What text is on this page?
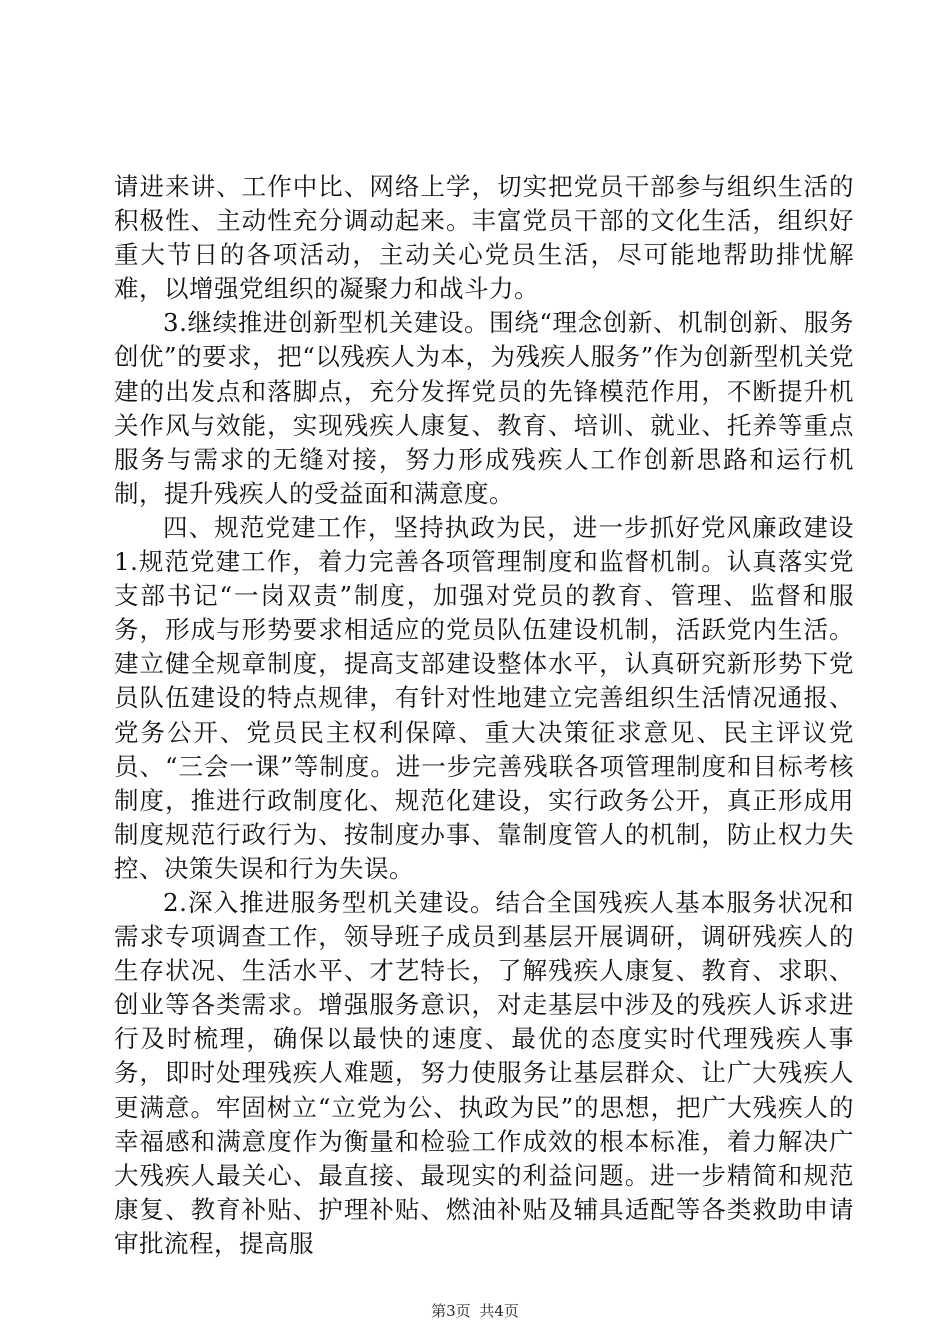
请进来讲、工作中比、网络上学，切实把党员干部参与组织生活的积极性、主动性充分调动起来。丰富党员干部的文化生活，组织好重大节日的各项活动，主动关心党员生活，尽可能地帮助排忧解难，以增强党组织的凝聚力和战斗力。

3.继续推进创新型机关建设。围绕“理念创新、机制创新、服务创优”的要求，把“以残疾人为本，为残疾人服务”作为创新型机关党建的出发点和落脚点，充分发挥党员的先锋模范作用，不断提升机关作风与效能，实现残疾人康复、教育、培训、就业、托养等重点服务与需求的无缝对接，努力形成残疾人工作创新思路和运行机制，提升残疾人的受益面和满意度。

四、规范党建工作，坚持执政为民，进一步抓好党风廉政建设1.规范党建工作，着力完善各项管理制度和监督机制。认真落实党支部书记“一岗双责”制度，加强对党员的教育、管理、监督和服务，形成与形势要求相适应的党员队伍建设机制，活跃党内生活。建立健全规章制度，提高支部建设整体水平，认真研究新形势下党员队伍建设的特点规律，有针对性地建立完善组织生活情况通报、党务公开、党员民主权利保障、重大决策征求意见、民主评议党员、“三会一课”等制度。进一步完善残联各项管理制度和目标考核制度，推进行政制度化、规范化建设，实行政务公开，真正形成用制度规范行政行为、按制度办事、靠制度管人的机制，防止权力失控、决策失误和行为失误。

2.深入推进服务型机关建设。结合全国残疾人基本服务状况和需求专项调查工作，领导班子成员到基层开展调研，调研残疾人的生存状况、生活水平、才艺特长，了解残疾人康复、教育、求职、创业等各类需求。增强服务意识，对走基层中涉及的残疾人诉求进行及时梳理，确保以最快的速度、最优的态度实时代理残疾人事务，即时处理残疾人难题，努力使服务让基层群众、让广大残疾人更满意。牢固树立“立党为公、执政为民”的思想，把广大残疾人的幸福感和满意度作为衡量和检验工作成效的根本标准，着力解决广大残疾人最关心、最直接、最现实的利益问题。进一步精简和规范康复、教育补贴、护理补贴、燃油补贴及辅具适配等各类救助申请审批流程，提高服

第3页 共4页
